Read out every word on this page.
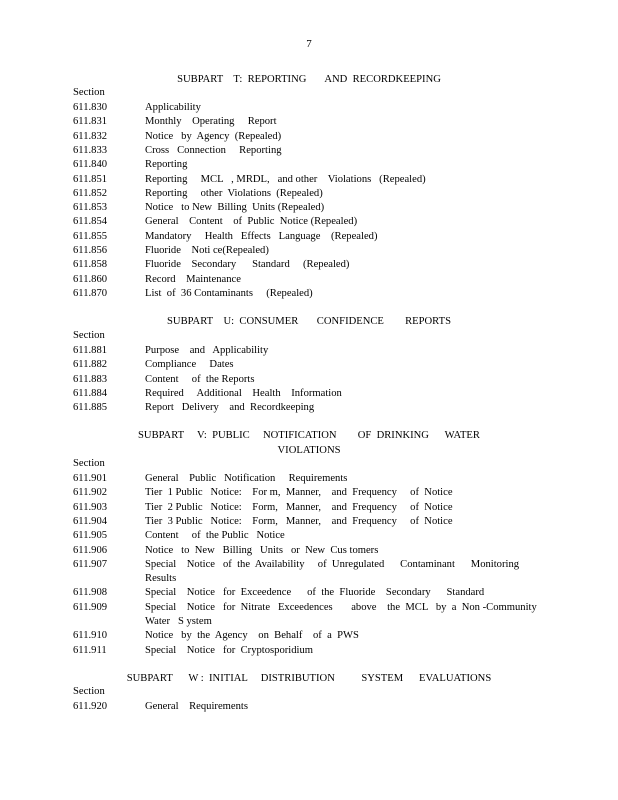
7
SUBPART    T:  REPORTING       AND  RECORDKEEPING
Section
611.830	Applicability
611.831	Monthly    Operating     Report
611.832	Notice   by  Agency  (Repealed)
611.833	Cross   Connection     Reporting
611.840	Reporting
611.851	Reporting     MCL   , MRDL,   and other    Violations   (Repealed)
611.852	Reporting     other  Violations  (Repealed)
611.853	Notice   to New  Billing  Units (Repealed)
611.854	General    Content    of  Public  Notice (Repealed)
611.855	Mandatory     Health   Effects   Language    (Repealed)
611.856	Fluoride    Noti ce(Repealed)
611.858	Fluoride    Secondary      Standard     (Repealed)
611.860	Record    Maintenance
611.870	List  of  36 Contaminants     (Repealed)
SUBPART    U:  CONSUMER       CONFIDENCE        REPORTS
Section
611.881	Purpose    and   Applicability
611.882	Compliance     Dates
611.883	Content     of  the Reports
611.884	Required     Additional    Health    Information
611.885	Report   Delivery    and  Recordkeeping
SUBPART     V:  PUBLIC     NOTIFICATION        OF  DRINKING      WATER
VIOLATIONS
Section
611.901	General    Public   Notification     Requirements
611.902	Tier  1 Public   Notice:    For m,  Manner,    and  Frequency     of  Notice
611.903	Tier  2 Public   Notice:    Form,   Manner,    and  Frequency     of  Notice
611.904	Tier  3 Public   Notice:    Form,   Manner,    and  Frequency     of  Notice
611.905	Content     of  the Public   Notice
611.906	Notice   to  New   Billing   Units   or  New  Cus tomers
611.907	Special    Notice   of  the  Availability     of  Unregulated      Contaminant      Monitoring
Results
611.908	Special    Notice   for  Exceedence      of  the  Fluoride    Secondary      Standard
611.909	Special    Notice   for  Nitrate   Exceedences       above    the  MCL   by  a  Non -Community
Water   S ystem
611.910	Notice   by  the  Agency    on  Behalf    of  a  PWS
611.911	Special    Notice   for  Cryptosporidium
SUBPART      W :  INITIAL     DISTRIBUTION          SYSTEM      EVALUATIONS
Section
611.920	General    Requirements
